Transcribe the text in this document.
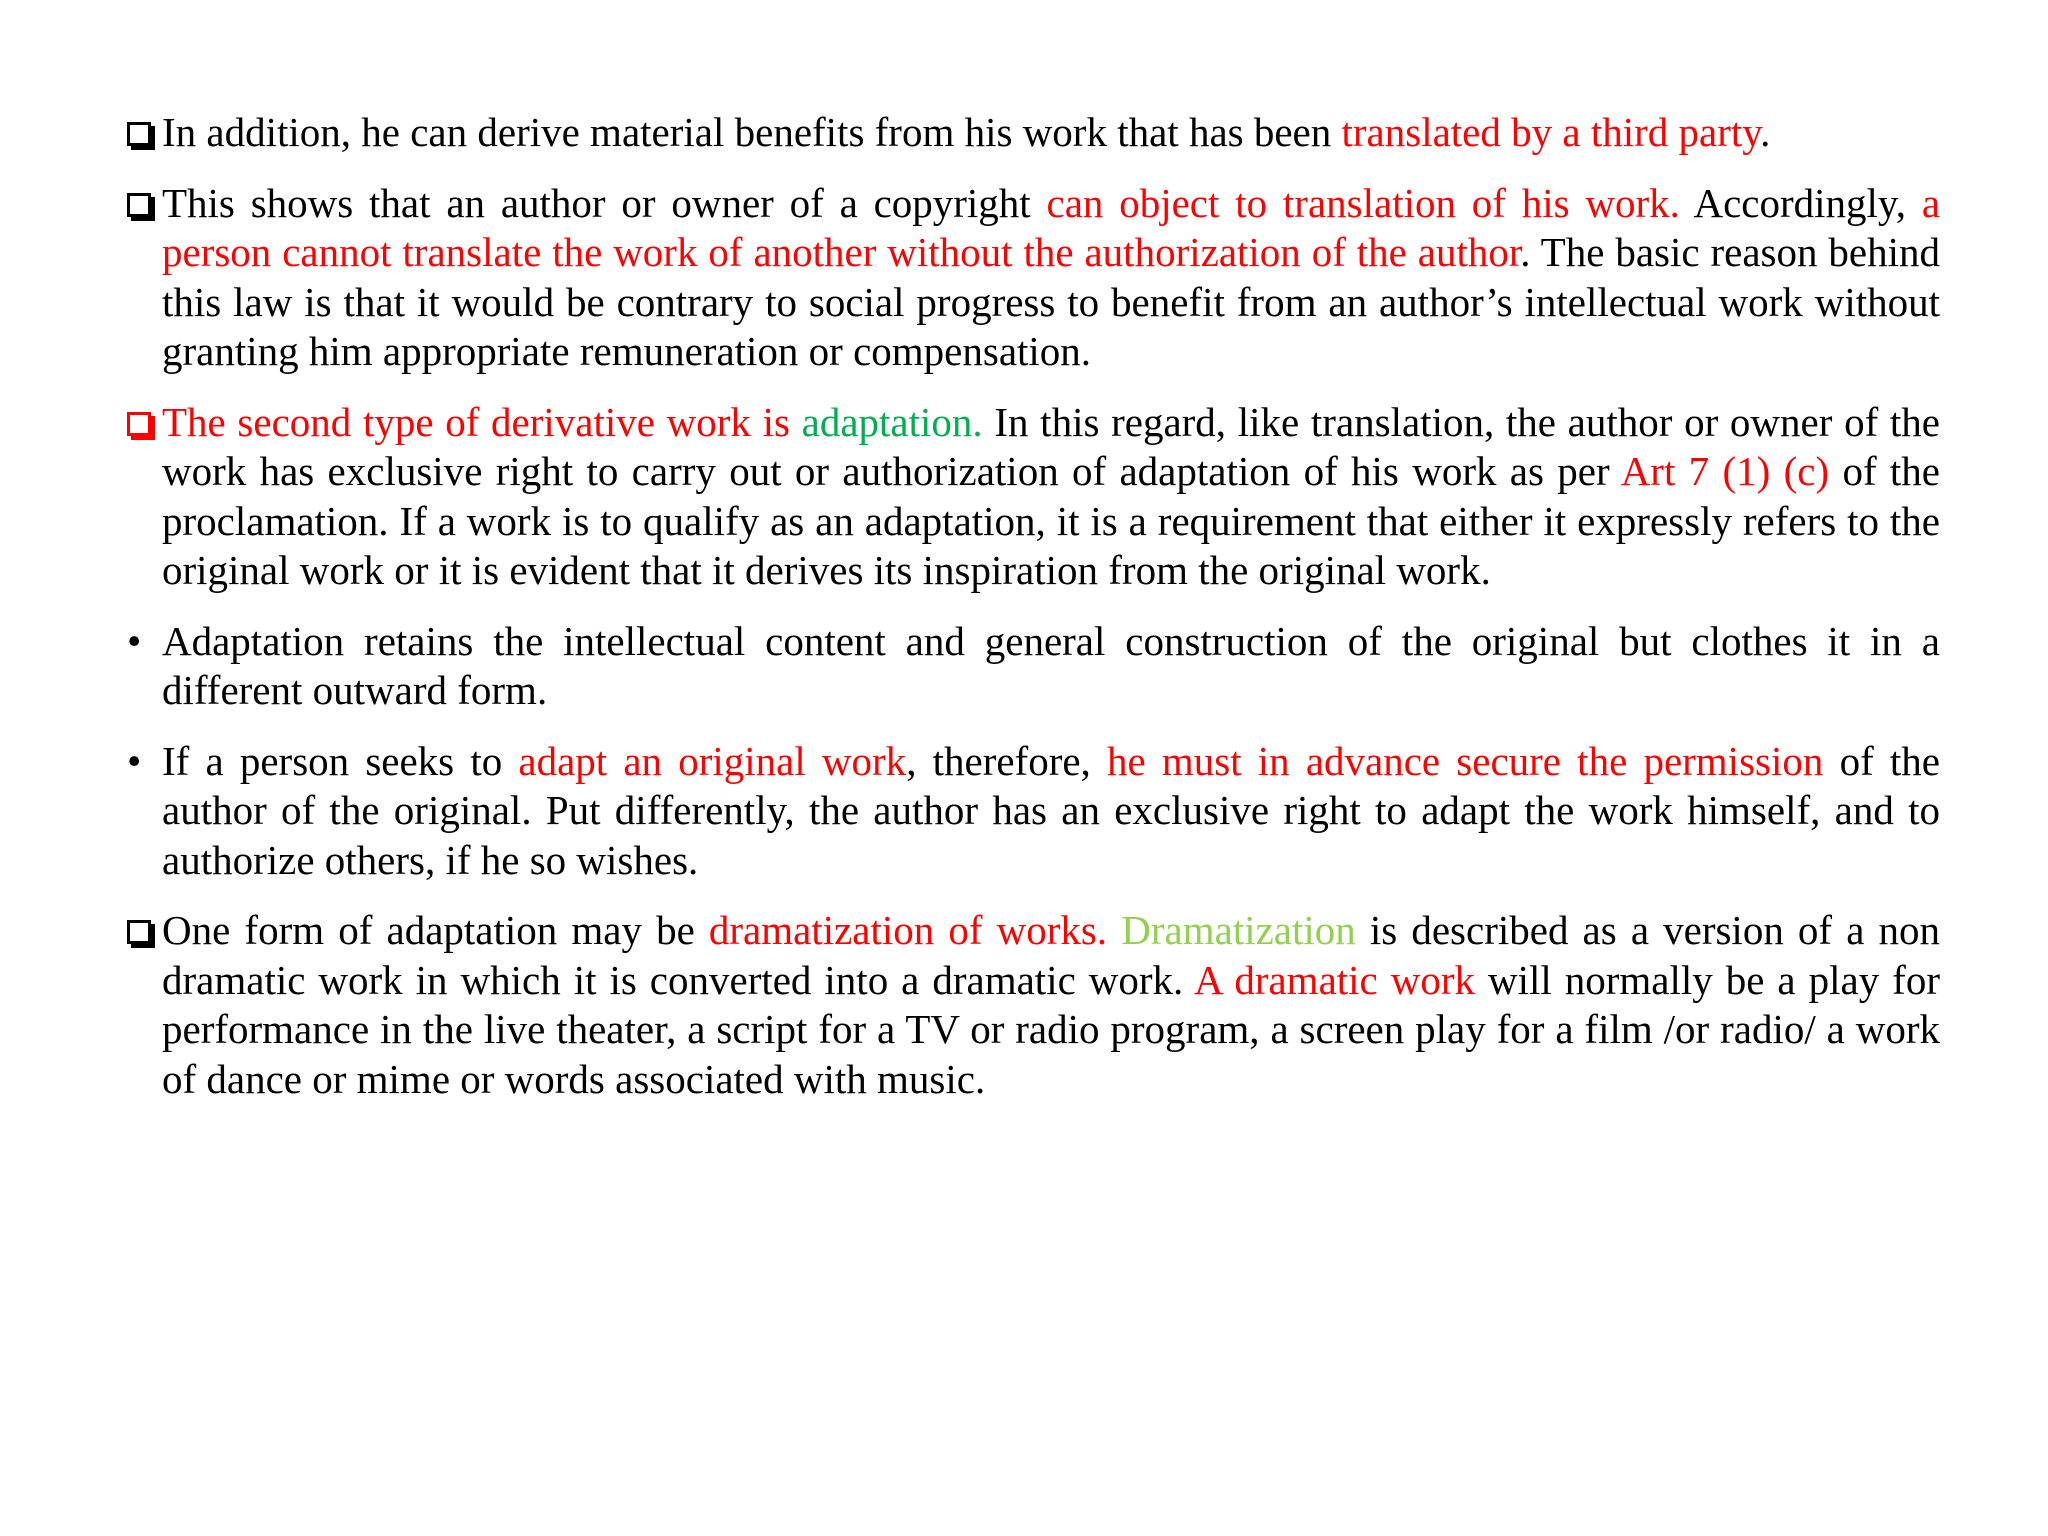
In addition, he can derive material benefits from his work that has been translated by a third party.

This shows that an author or owner of a copyright can object to translation of his work. Accordingly, a person cannot translate the work of another without the authorization of the author. The basic reason behind this law is that it would be contrary to social progress to benefit from an author’s intellectual work without granting him appropriate remuneration or compensation.

The second type of derivative work is adaptation. In this regard, like translation, the author or owner of the work has exclusive right to carry out or authorization of adaptation of his work as per Art 7 (1) (c) of the proclamation. If a work is to qualify as an adaptation, it is a requirement that either it expressly refers to the original work or it is evident that it derives its inspiration from the original work.

• Adaptation retains the intellectual content and general construction of the original but clothes it in a different outward form.

• If a person seeks to adapt an original work, therefore, he must in advance secure the permission of the author of the original. Put differently, the author has an exclusive right to adapt the work himself, and to authorize others, if he so wishes.

One form of adaptation may be dramatization of works. Dramatization is described as a version of a non dramatic work in which it is converted into a dramatic work. A dramatic work will normally be a play for performance in the live theater, a script for a TV or radio program, a screen play for a film /or radio/ a work of dance or mime or words associated with music.
